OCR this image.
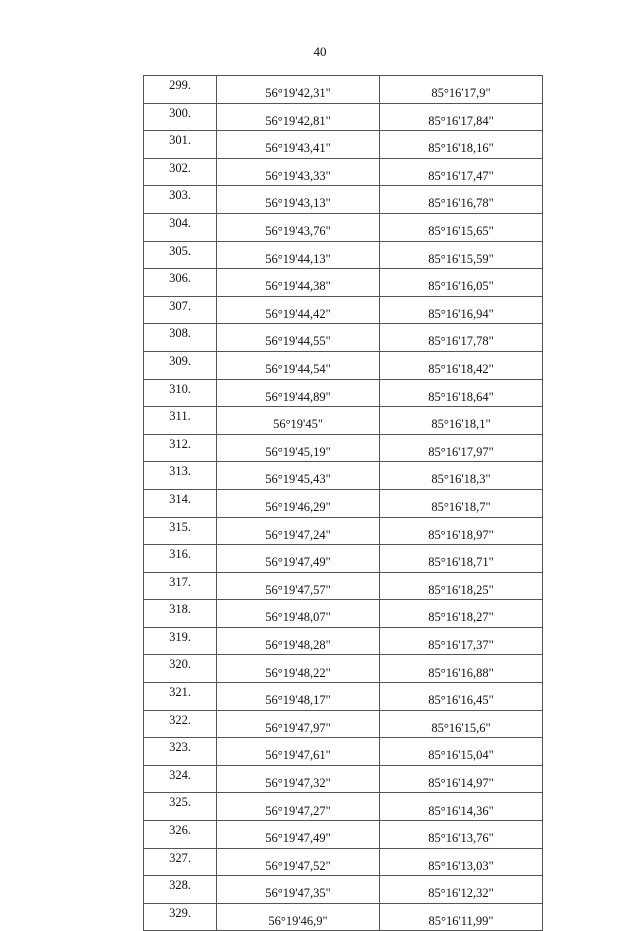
40
299.	56°19'42,31"	85°16'17,9"
300.	56°19'42,81"	85°16'17,84"
301.	56°19'43,41"	85°16'18,16"
302.	56°19'43,33"	85°16'17,47"
303.	56°19'43,13"	85°16'16,78"
304.	56°19'43,76"	85°16'15,65"
305.	56°19'44,13"	85°16'15,59"
306.	56°19'44,38"	85°16'16,05"
307.	56°19'44,42"	85°16'16,94"
308.	56°19'44,55"	85°16'17,78"
309.	56°19'44,54"	85°16'18,42"
310.	56°19'44,89"	85°16'18,64"
311.	56°19'45"	85°16'18,1"
312.	56°19'45,19"	85°16'17,97"
313.	56°19'45,43"	85°16'18,3"
314.	56°19'46,29"	85°16'18,7"
315.	56°19'47,24"	85°16'18,97"
316.	56°19'47,49"	85°16'18,71"
317.	56°19'47,57"	85°16'18,25"
318.	56°19'48,07"	85°16'18,27"
319.	56°19'48,28"	85°16'17,37"
320.	56°19'48,22"	85°16'16,88"
321.	56°19'48,17"	85°16'16,45"
322.	56°19'47,97"	85°16'15,6"
323.	56°19'47,61"	85°16'15,04"
324.	56°19'47,32"	85°16'14,97"
325.	56°19'47,27"	85°16'14,36"
326.	56°19'47,49"	85°16'13,76"
327.	56°19'47,52"	85°16'13,03"
328.	56°19'47,35"	85°16'12,32"
329.	56°19'46,9"	85°16'11,99"
